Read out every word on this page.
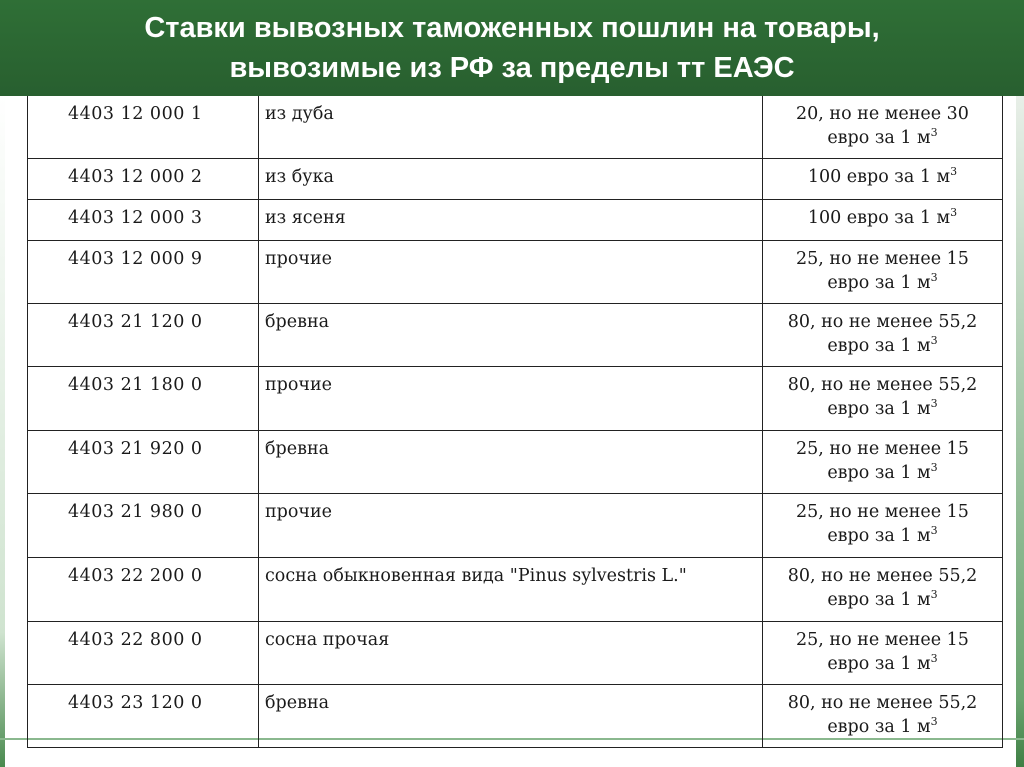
Ставки вывозных таможенных пошлин на товары,
вывозимые из РФ за пределы тт ЕАЭС

4403 12 000 1	из дуба	20, но не менее 30
евро за 1 $м^3$

4403 12 000 2	из бука	100 евро за 1 $м^3$

4403 12 000 3	из ясеня	100 евро за 1 $м^3$

4403 12 000 9	прочие	25, но не менее 15
евро за 1 $м^3$

4403 21 120 0	бревна	80, но не менее 55,2
евро за 1 $м^3$

4403 21 180 0	прочие	80, но не менее 55,2
евро за 1 $м^3$

4403 21 920 0	бревна	25, но не менее 15
евро за 1 $м^3$

4403 21 980 0	прочие	25, но не менее 15
евро за 1 $м^3$

4403 22 200 0	сосна обыкновенная вида "Pinus sylvestris L."	80, но не менее 55,2
евро за 1 $м^3$

4403 22 800 0	сосна прочая	25, но не менее 15
евро за 1 $м^3$

4403 23 120 0	бревна	80, но не менее 55,2
евро за 1 $м^3$
